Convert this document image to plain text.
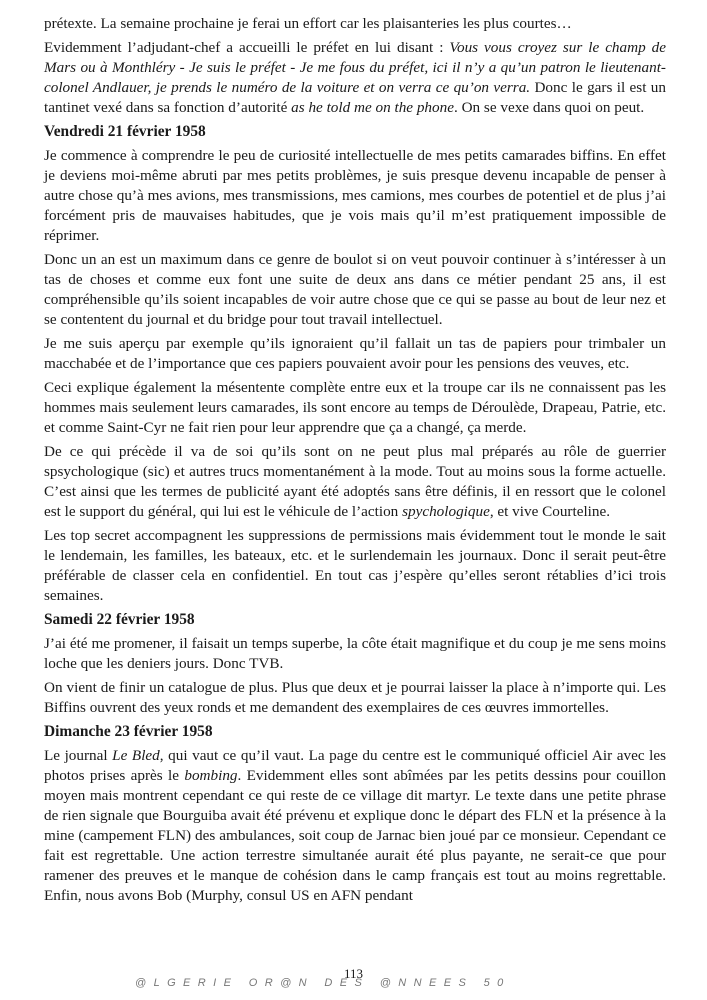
prétexte. La semaine prochaine je ferai un effort car les plaisanteries les plus courtes…

Evidemment l’adjudant-chef a accueilli le préfet en lui disant : Vous vous croyez sur le champ de Mars ou à Monthléry - Je suis le préfet - Je me fous du préfet, ici il n’y a qu’un patron le lieutenant-colonel Andlauer, je prends le numéro de la voiture et on verra ce qu’on verra. Donc le gars il est un tantinet vexé dans sa fonction d’autorité as he told me on the phone. On se vexe dans quoi on peut.

Vendredi 21 février 1958

Je commence à comprendre le peu de curiosité intellectuelle de mes petits camarades biffins. En effet je deviens moi-même abruti par mes petits problèmes, je suis presque devenu incapable de penser à autre chose qu’à mes avions, mes transmissions, mes camions, mes courbes de potentiel et de plus j’ai forcément pris de mauvaises habitudes, que je vois mais qu’il m’est pratiquement impossible de réprimer.

Donc un an est un maximum dans ce genre de boulot si on veut pouvoir continuer à s’intéresser à un tas de choses et comme eux font une suite de deux ans dans ce métier pendant 25 ans, il est compréhensible qu’ils soient incapables de voir autre chose que ce qui se passe au bout de leur nez et se contentent du journal et du bridge pour tout travail intellectuel.

Je me suis aperçu par exemple qu’ils ignoraient qu’il fallait un tas de papiers pour trimbaler un macchabée et de l’importance que ces papiers pouvaient avoir pour les pensions des veuves, etc.

Ceci explique également la mésentente complète entre eux et la troupe car ils ne connaissent pas les hommes mais seulement leurs camarades, ils sont encore au temps de Déroulède, Drapeau, Patrie, etc. et comme Saint-Cyr ne fait rien pour leur apprendre que ça a changé, ça merde.

De ce qui précède il va de soi qu’ils sont on ne peut plus mal préparés au rôle de guerrier spsychologique (sic) et autres trucs momentanément à la mode. Tout au moins sous la forme actuelle. C’est ainsi que les termes de publicité ayant été adoptés sans être définis, il en ressort que le colonel est le support du général, qui lui est le véhicule de l’action spychologique, et vive Courteline.

Les top secret accompagnent les suppressions de permissions mais évidemment tout le monde le sait le lendemain, les familles, les bateaux, etc. et le surlendemain les journaux. Donc il serait peut-être préférable de classer cela en confidentiel. En tout cas j’espère qu’elles seront rétablies d’ici trois semaines.

Samedi 22 février 1958

J’ai été me promener, il faisait un temps superbe, la côte était magnifique et du coup je me sens moins loche que les deniers jours. Donc TVB.

On vient de finir un catalogue de plus. Plus que deux et je pourrai laisser la place à n’importe qui. Les Biffins ouvrent des yeux ronds et me demandent des exemplaires de ces œuvres immortelles.

Dimanche 23 février 1958

Le journal Le Bled, qui vaut ce qu’il vaut. La page du centre est le communiqué officiel Air avec les photos prises après le bombing. Evidemment elles sont abîmées par les petits dessins pour couillon moyen mais montrent cependant ce qui reste de ce village dit martyr. Le texte dans une petite phrase de rien signale que Bourguiba avait été prévenu et explique donc le départ des FLN et la présence à la mine (campement FLN) des ambulances, soit coup de Jarnac bien joué par ce monsieur. Cependant ce fait est regrettable. Une action terrestre simultanée aurait été plus payante, ne serait-ce que pour ramener des preuves et le manque de cohésion dans le camp français est tout au moins regrettable. Enfin, nous avons Bob (Murphy, consul US en AFN pendant

113
@LGERIE OR@N DES @NNEES 50
